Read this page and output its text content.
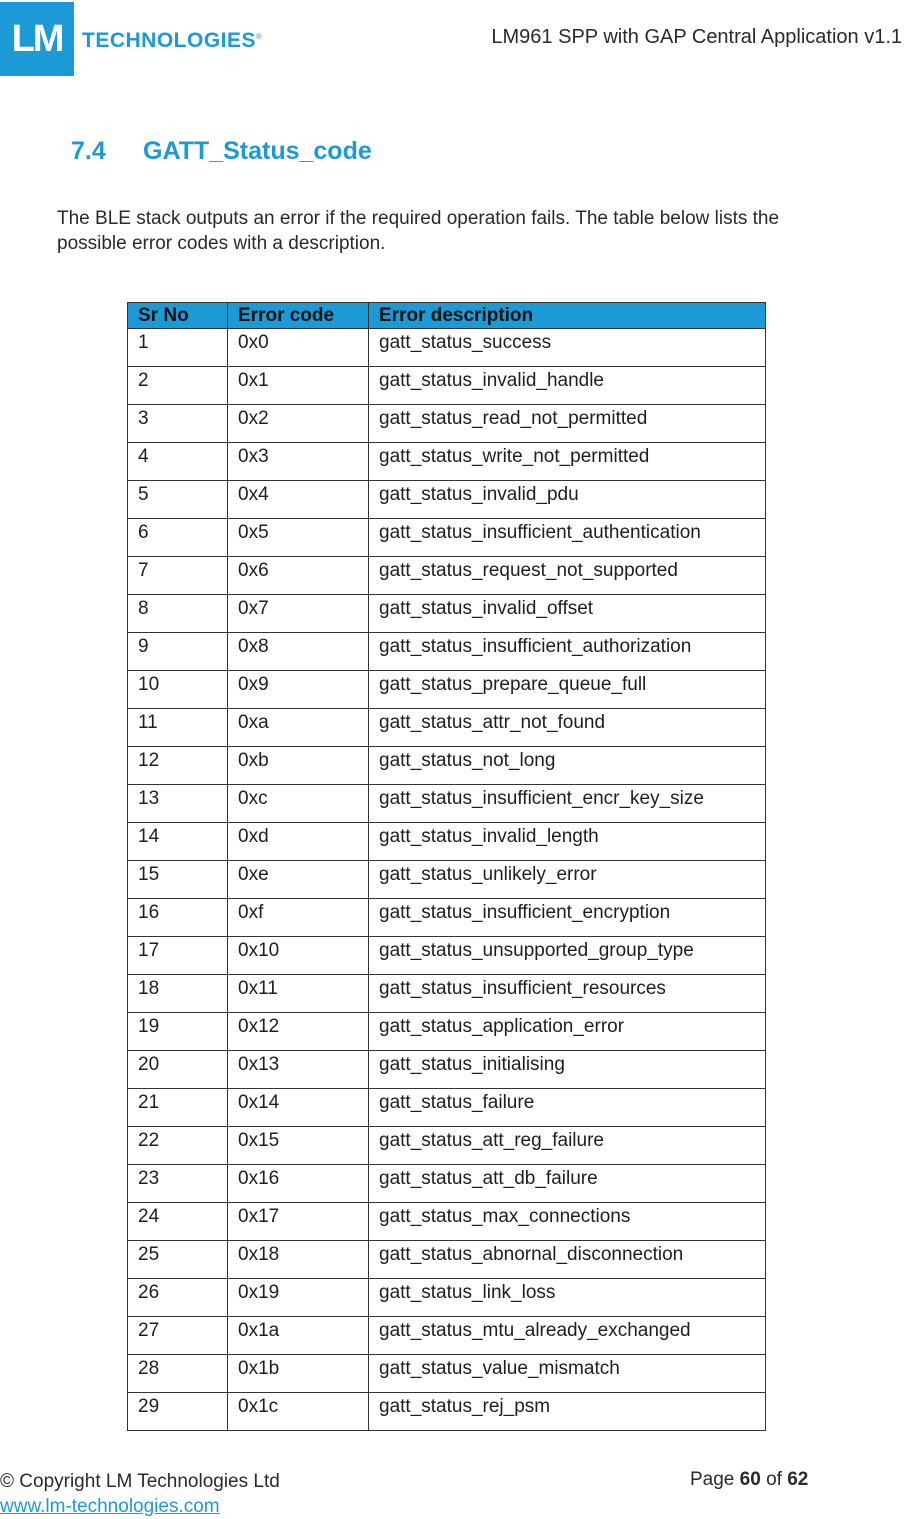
LM TECHNOLOGIES®	LM961 SPP with GAP Central Application v1.1
7.4 GATT_Status_code
The BLE stack outputs an error if the required operation fails. The table below lists the possible error codes with a description.
Sr No	Error code	Error description
1	0x0	gatt_status_success
2	0x1	gatt_status_invalid_handle
3	0x2	gatt_status_read_not_permitted
4	0x3	gatt_status_write_not_permitted
5	0x4	gatt_status_invalid_pdu
6	0x5	gatt_status_insufficient_authentication
7	0x6	gatt_status_request_not_supported
8	0x7	gatt_status_invalid_offset
9	0x8	gatt_status_insufficient_authorization
10	0x9	gatt_status_prepare_queue_full
11	0xa	gatt_status_attr_not_found
12	0xb	gatt_status_not_long
13	0xc	gatt_status_insufficient_encr_key_size
14	0xd	gatt_status_invalid_length
15	0xe	gatt_status_unlikely_error
16	0xf	gatt_status_insufficient_encryption
17	0x10	gatt_status_unsupported_group_type
18	0x11	gatt_status_insufficient_resources
19	0x12	gatt_status_application_error
20	0x13	gatt_status_initialising
21	0x14	gatt_status_failure
22	0x15	gatt_status_att_reg_failure
23	0x16	gatt_status_att_db_failure
24	0x17	gatt_status_max_connections
25	0x18	gatt_status_abnornal_disconnection
26	0x19	gatt_status_link_loss
27	0x1a	gatt_status_mtu_already_exchanged
28	0x1b	gatt_status_value_mismatch
29	0x1c	gatt_status_rej_psm
© Copyright LM Technologies Ltd
www.lm-technologies.com
Page 60 of 62
